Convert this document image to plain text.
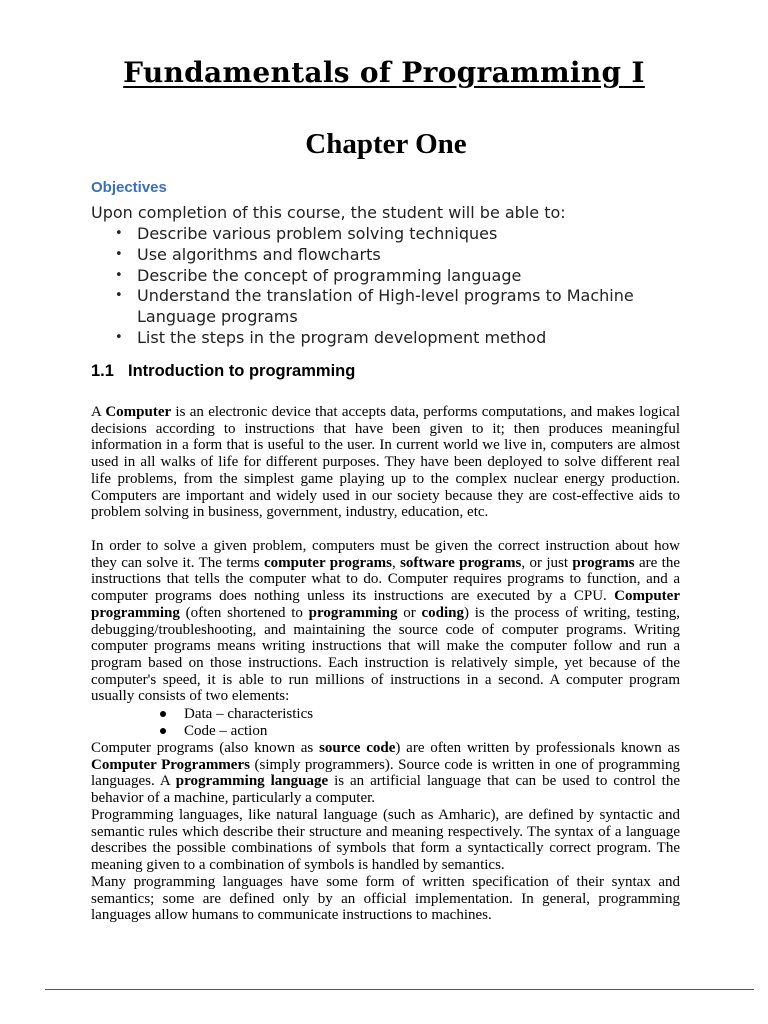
Fundamentals of Programming I
Chapter One
Objectives

Upon completion of this course, the student will be able to:

• Describe various problem solving techniques
• Use algorithms and flowcharts
• Describe the concept of programming language
• Understand the translation of High-level programs to Machine Language programs
• List the steps in the program development method
1.1 Introduction to programming

A Computer is an electronic device that accepts data, performs computations, and makes logical decisions according to instructions that have been given to it; then produces meaningful information in a form that is useful to the user. In current world we live in, computers are almost used in all walks of life for different purposes. They have been deployed to solve different real life problems, from the simplest game playing up to the complex nuclear energy production. Computers are important and widely used in our society because they are cost-effective aids to problem solving in business, government, industry, education, etc.

In order to solve a given problem, computers must be given the correct instruction about how they can solve it. The terms computer programs, software programs, or just programs are the instructions that tells the computer what to do. Computer requires programs to function, and a computer programs does nothing unless its instructions are executed by a CPU. Computer programming (often shortened to programming or coding) is the process of writing, testing, debugging/troubleshooting, and maintaining the source code of computer programs. Writing computer programs means writing instructions that will make the computer follow and run a program based on those instructions. Each instruction is relatively simple, yet because of the computer's speed, it is able to run millions of instructions in a second. A computer program usually consists of two elements:

Data – characteristics
Code – action

Computer programs (also known as source code) are often written by professionals known as Computer Programmers (simply programmers). Source code is written in one of programming languages. A programming language is an artificial language that can be used to control the behavior of a machine, particularly a computer.

Programming languages, like natural language (such as Amharic), are defined by syntactic and semantic rules which describe their structure and meaning respectively. The syntax of a language describes the possible combinations of symbols that form a syntactically correct program. The meaning given to a combination of symbols is handled by semantics.

Many programming languages have some form of written specification of their syntax and semantics; some are defined only by an official implementation. In general, programming languages allow humans to communicate instructions to machines.
